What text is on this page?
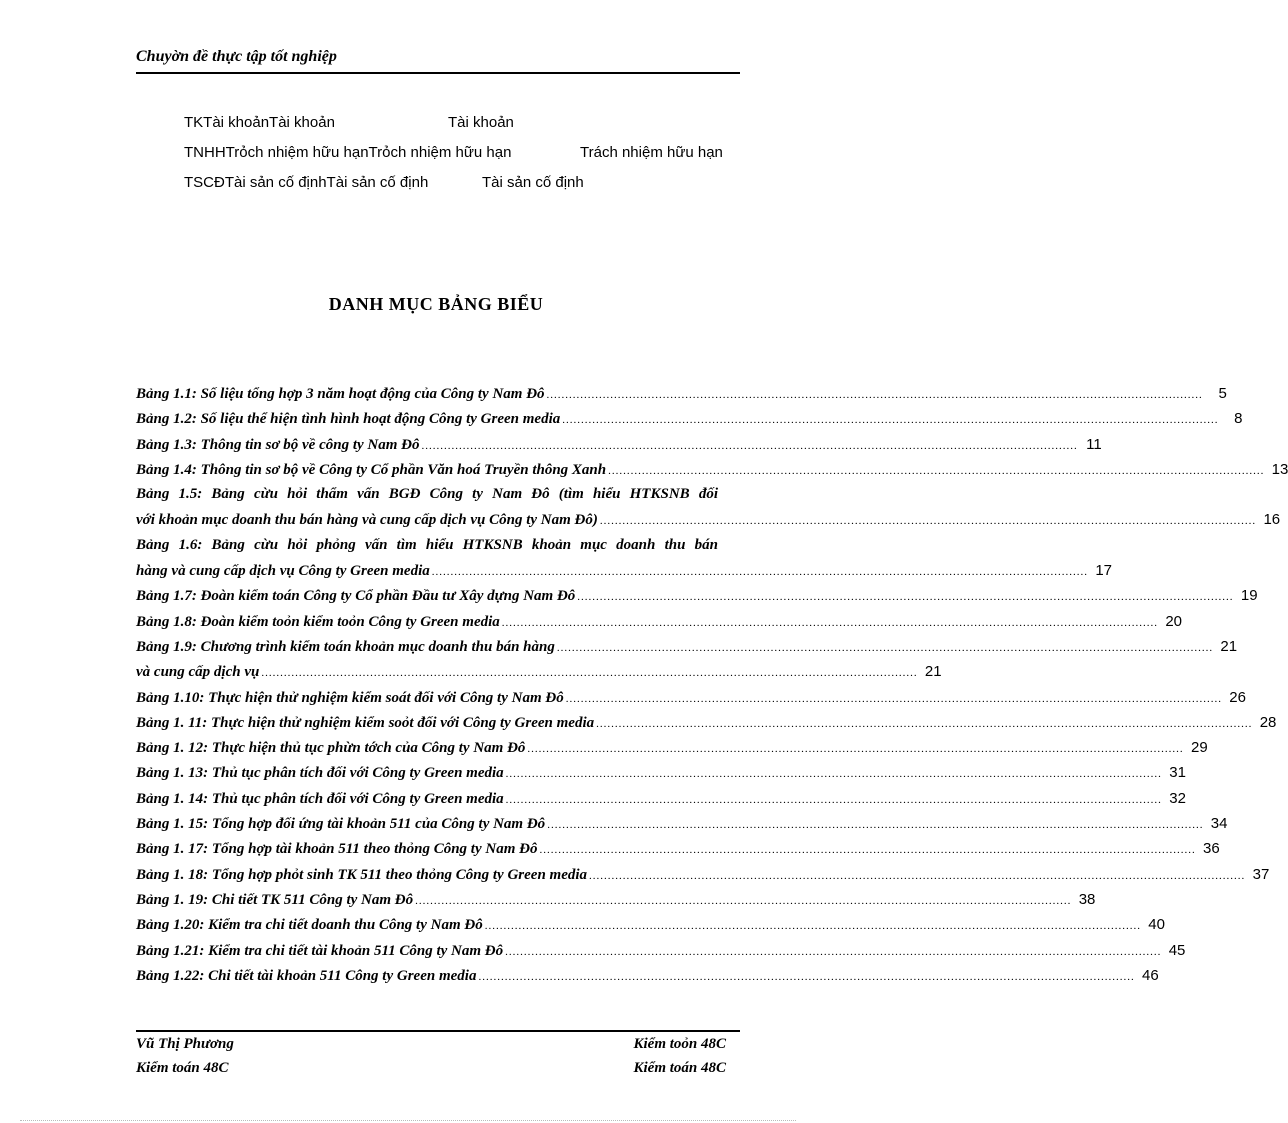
Chuyờn đề thực tập tốt nghiệp
TKTài khoảnTài khoản	Tài khoản
TNHHTrỏch nhiệm hữu hạnTrỏch nhiệm hữu hạn	Trách nhiệm hữu hạn
TSCĐTài sản cố địnhTài sản cố định	Tài sản cố định
DANH MỤC BẢNG BIỂU
Bảng 1.1: Số liệu tổng hợp 3 năm hoạt động của Công ty Nam Đô .....	5
Bảng 1.2: Số liệu thể hiện tình hình hoạt động Công ty Green media .....	8
Bảng 1.3: Thông tin sơ bộ về công ty Nam Đô .....	11
Bảng 1.4: Thông tin sơ bộ về Công ty Cổ phần Văn hoá Truyền thông Xanh .....	13
Bảng 1.5: Bảng cừu hỏi thẩm vấn BGĐ Công ty Nam Đô (tìm hiểu HTKSNB đối
với khoản mục doanh thu bán hàng và cung cấp dịch vụ Công ty Nam Đô) .....	16
Bảng 1.6: Bảng cừu hỏi phỏng vấn tìm hiểu HTKSNB khoản mục doanh thu bán
hàng và cung cấp dịch vụ Công ty Green media .....	17
Bảng 1.7: Đoàn kiểm toán Công ty Cổ phần Đầu tư Xây dựng Nam Đô .....	19
Bảng 1.8: Đoàn kiểm toỏn kiểm toỏn Công ty Green media .....	20
Bảng 1.9: Chương trình kiểm toán khoản mục doanh thu bán hàng .....	21
và cung cấp dịch vụ .....	21
Bảng 1.10: Thực hiện thử nghiệm kiểm soát đối với Công ty Nam Đô .....	26
Bảng 1. 11: Thực hiện thử nghiệm kiểm soỏt đối với Công ty Green media .....	28
Bảng 1. 12: Thực hiện thủ tục phừn tớch của Công ty Nam Đô .....	29
Bảng 1. 13: Thủ tục phân tích đối với Công ty Green media .....	31
Bảng 1. 14: Thủ tục phân tích đối với Công ty Green media .....	32
Bảng 1. 15: Tổng hợp đối ứng tài khoản 511 của Công ty Nam Đô .....	34
Bảng 1. 17: Tổng hợp tài khoản 511 theo thỏng Công ty Nam Đô .....	36
Bảng 1. 18: Tổng hợp phỏt sinh TK 511 theo thỏng Công ty Green media .....	37
Bảng 1. 19: Chi tiết TK 511 Công ty Nam Đô .....	38
Bảng 1.20: Kiểm tra chi tiết doanh thu Công ty Nam Đô .....	40
Bảng 1.21: Kiểm tra chi tiết tài khoản 511 Công ty Nam Đô .....	45
Bảng 1.22: Chi tiết tài khoản 511 Công ty Green media .....	46
Vũ Thị Phương	Kiểm toỏn 48C
Kiểm toán 48C	Kiểm toán 48C
